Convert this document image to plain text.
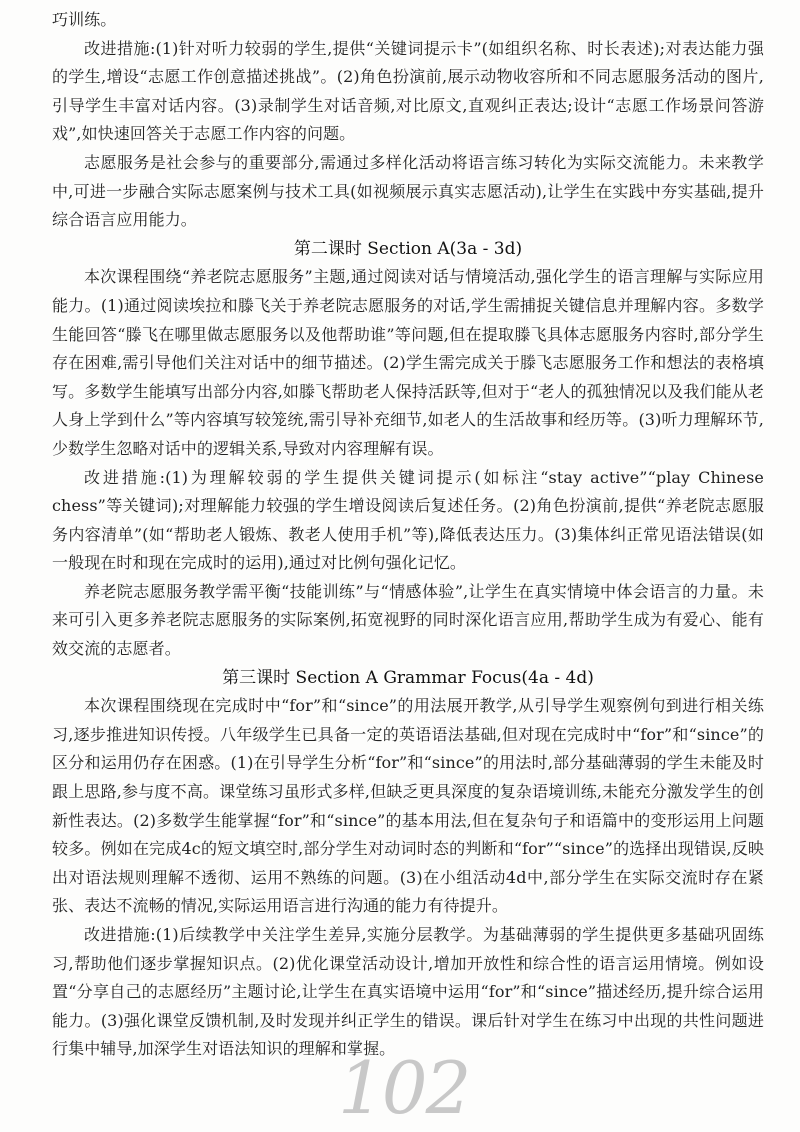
巧训练。

改进措施:(1)针对听力较弱的学生,提供“关键词提示卡”(如组织名称、时长表述);对表达能力强的学生,增设“志愿工作创意描述挑战”。(2)角色扮演前,展示动物收容所和不同志愿服务活动的图片,引导学生丰富对话内容。(3)录制学生对话音频,对比原文,直观纠正表达;设计“志愿工作场景问答游戏”,如快速回答关于志愿工作内容的问题。

志愿服务是社会参与的重要部分,需通过多样化活动将语言练习转化为实际交流能力。未来教学中,可进一步融合实际志愿案例与技术工具(如视频展示真实志愿活动),让学生在实践中夯实基础,提升综合语言应用能力。

第二课时 Section A(3a - 3d)

本次课程围绕“养老院志愿服务”主题,通过阅读对话与情境活动,强化学生的语言理解与实际应用能力。(1)通过阅读埃拉和滕飞关于养老院志愿服务的对话,学生需捕捉关键信息并理解内容。多数学生能回答“滕飞在哪里做志愿服务以及他帮助谁”等问题,但在提取滕飞具体志愿服务内容时,部分学生存在困难,需引导他们关注对话中的细节描述。(2)学生需完成关于滕飞志愿服务工作和想法的表格填写。多数学生能填写出部分内容,如滕飞帮助老人保持活跃等,但对于“老人的孤独情况以及我们能从老人身上学到什么”等内容填写较笼统,需引导补充细节,如老人的生活故事和经历等。(3)听力理解环节,少数学生忽略对话中的逻辑关系,导致对内容理解有误。

改进措施:(1)为理解较弱的学生提供关键词提示(如标注“stay active”“play Chinese chess”等关键词);对理解能力较强的学生增设阅读后复述任务。(2)角色扮演前,提供“养老院志愿服务内容清单”(如“帮助老人锻炼、教老人使用手机”等),降低表达压力。(3)集体纠正常见语法错误(如一般现在时和现在完成时的运用),通过对比例句强化记忆。

养老院志愿服务教学需平衡“技能训练”与“情感体验”,让学生在真实情境中体会语言的力量。未来可引入更多养老院志愿服务的实际案例,拓宽视野的同时深化语言应用,帮助学生成为有爱心、能有效交流的志愿者。

第三课时 Section A Grammar Focus(4a - 4d)

本次课程围绕现在完成时中“for”和“since”的用法展开教学,从引导学生观察例句到进行相关练习,逐步推进知识传授。八年级学生已具备一定的英语语法基础,但对现在完成时中“for”和“since”的区分和运用仍存在困惑。(1)在引导学生分析“for”和“since”的用法时,部分基础薄弱的学生未能及时跟上思路,参与度不高。课堂练习虽形式多样,但缺乏更具深度的复杂语境训练,未能充分激发学生的创新性表达。(2)多数学生能掌握“for”和“since”的基本用法,但在复杂句子和语篇中的变形运用上问题较多。例如在完成4c的短文填空时,部分学生对动词时态的判断和“for”“since”的选择出现错误,反映出对语法规则理解不透彻、运用不熟练的问题。(3)在小组活动4d中,部分学生在实际交流时存在紧张、表达不流畅的情况,实际运用语言进行沟通的能力有待提升。

改进措施:(1)后续教学中关注学生差异,实施分层教学。为基础薄弱的学生提供更多基础巩固练习,帮助他们逐步掌握知识点。(2)优化课堂活动设计,增加开放性和综合性的语言运用情境。例如设置“分享自己的志愿经历”主题讨论,让学生在真实语境中运用“for”和“since”描述经历,提升综合运用能力。(3)强化课堂反馈机制,及时发现并纠正学生的错误。课后针对学生在练习中出现的共性问题进行集中辅导,加深学生对语法知识的理解和掌握。

102
